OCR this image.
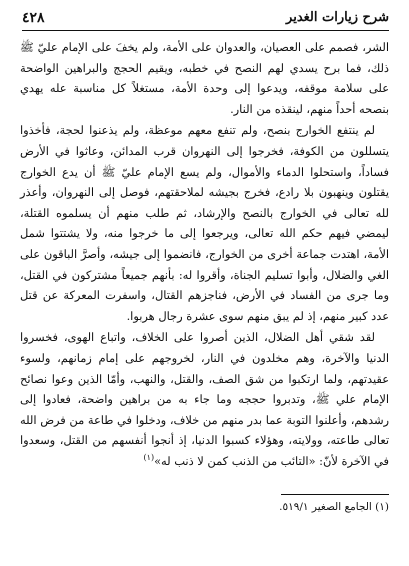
شرح زيارات الغدير
٤٢٨

الشر، فصمم على العصيان، والعدوان على الأمة، ولم يخفَ على الإمام عليّ ﷺ ذلك، فما برح يسدي لهم النصح في خطبه، ويقيم الحجج والبراهين الواضحة على سلامة موقفه، ويدعوا إلى وحدة الأمة، مستغلاً كل مناسبة عله يهدي بنصحه أحداً منهم، لينقذه من النار.

لم ينتفع الخوارج بنصح، ولم تنفع معهم موعظة، ولم يذعنوا لحجة، فأخذوا يتسللون من الكوفة، فخرجوا إلى النهروان قرب المدائن، وعاثوا في الأرض فساداً، واستحلوا الدماء والأموال، ولم يسع الإمام عليّ ﷺ أن يدع الخوارج يقتلون وينهبون بلا رادع، فخرج بجيشه لملاحقتهم، فوصل إلى النهروان، وأعذر لله تعالى في الخوارج بالنصح والإرشاد، ثم طلب منهم أن يسلموه القتلة، ليمضي فيهم حكم الله تعالى، ويرجعوا إلى ما خرجوا منه، ولا يشتتوا شمل الأمة، اهتدت جماعة أخرى من الخوارج، فانضموا إلى جيشه، وأصرَّ الباقون على الغي والضلال، وأبوا تسليم الجناة، وأقروا له: بأنهم جميعاً مشتركون في القتل، وما جرى من الفساد في الأرض، فناجزهم القتال، واسفرت المعركة عن قتل عدد كبير منهم، إذ لم يبق منهم سوى عشرة رجال هربوا.

لقد شقي أهل الضلال، الذين أصروا على الخلاف، واتباع الهوى، فخسروا الدنيا والآخرة، وهم مخلدون في النار، لخروجهم على إمام زمانهم، ولسوء عقيدتهم، ولما ارتكبوا من شق الصف، والقتل، والنهب، وأمّا الذين وعوا نصائح الإمام علي ﷺ، وتدبروا حججه وما جاء به من براهين واضحة، فعادوا إلى رشدهم، وأعلنوا التوبة عما بدر منهم من خلاف، ودخلوا في طاعة من فرض الله تعالى طاعته، وولايته، وهؤلاء كسبوا الدنيا، إذ أنجوا أنفسهم من القتل، وسعدوا في الآخرة لأنّ: «التائب من الذنب كمن لا ذنب له»$^{(١)}$

(١) الجامع الصغير ٥١٩/١.
